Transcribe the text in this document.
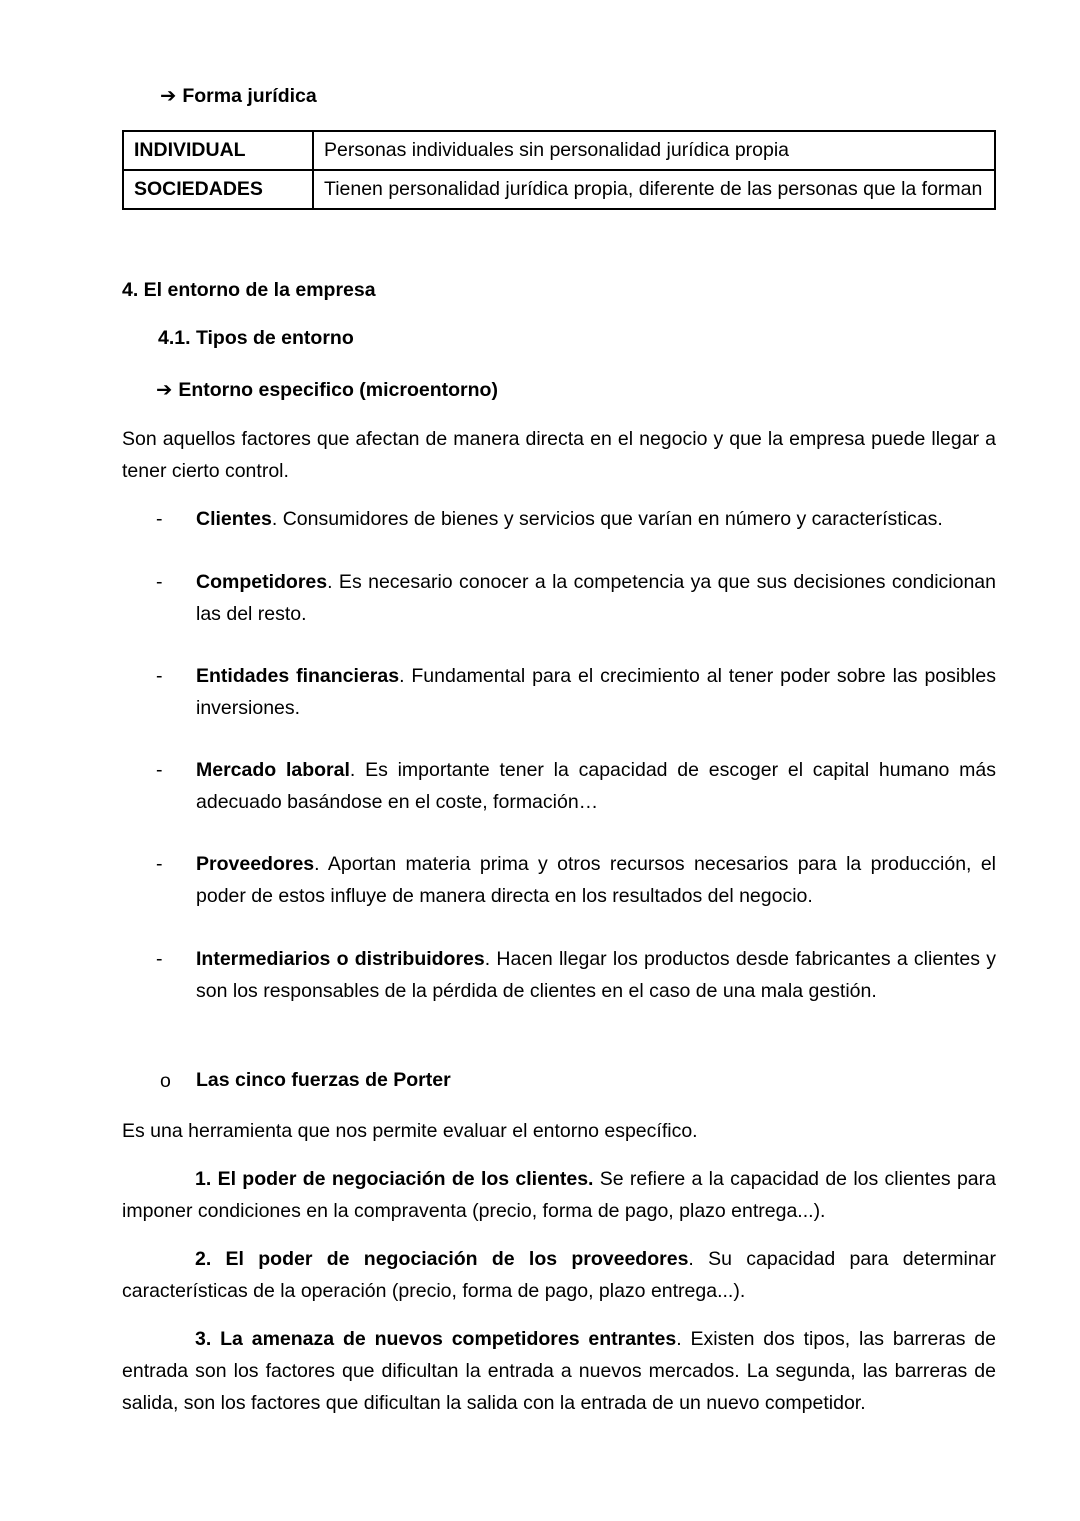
➔ Forma jurídica
INDIVIDUAL	Personas individuales sin personalidad jurídica propia
SOCIEDADES	Tienen personalidad jurídica propia, diferente de las personas que la forman
4. El entorno de la empresa
4.1. Tipos de entorno
➔ Entorno especifico (microentorno)
Son aquellos factores que afectan de manera directa en el negocio y que la empresa puede llegar a tener cierto control.
- Clientes. Consumidores de bienes y servicios que varían en número y características.
- Competidores. Es necesario conocer a la competencia ya que sus decisiones condicionan las del resto.
- Entidades financieras. Fundamental para el crecimiento al tener poder sobre las posibles inversiones.
- Mercado laboral. Es importante tener la capacidad de escoger el capital humano más adecuado basándose en el coste, formación…
- Proveedores. Aportan materia prima y otros recursos necesarios para la producción, el poder de estos influye de manera directa en los resultados del negocio.
- Intermediarios o distribuidores. Hacen llegar los productos desde fabricantes a clientes y son los responsables de la pérdida de clientes en el caso de una mala gestión.
o Las cinco fuerzas de Porter
Es una herramienta que nos permite evaluar el entorno específico.
1. El poder de negociación de los clientes. Se refiere a la capacidad de los clientes para imponer condiciones en la compraventa (precio, forma de pago, plazo entrega...).
2. El poder de negociación de los proveedores. Su capacidad para determinar características de la operación (precio, forma de pago, plazo entrega...).
3. La amenaza de nuevos competidores entrantes. Existen dos tipos, las barreras de entrada son los factores que dificultan la entrada a nuevos mercados. La segunda, las barreras de salida, son los factores que dificultan la salida con la entrada de un nuevo competidor.
